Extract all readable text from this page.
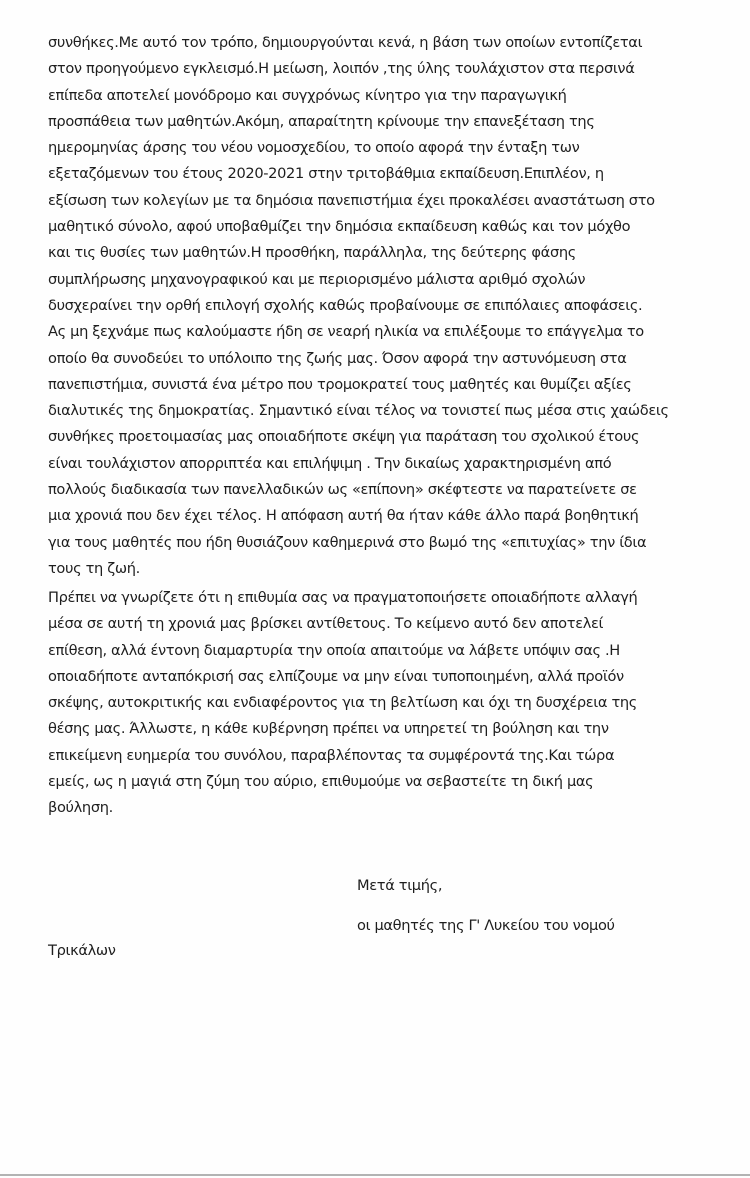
συνθήκες.Με αυτό τον τρόπο, δημιουργούνται κενά, η βάση των οποίων εντοπίζεται
στον προηγούμενο εγκλεισμό.Η μείωση, λοιπόν ,της ύλης τουλάχιστον στα περσινά
επίπεδα αποτελεί μονόδρομο και συγχρόνως κίνητρο για την παραγωγική
προσπάθεια των μαθητών.Ακόμη, απαραίτητη κρίνουμε την επανεξέταση της
ημερομηνίας άρσης του νέου νομοσχεδίου, το οποίο αφορά την ένταξη των
εξεταζόμενων του έτους 2020-2021 στην τριτοβάθμια εκπαίδευση.Επιπλέον, η
εξίσωση των κολεγίων με τα δημόσια πανεπιστήμια έχει προκαλέσει αναστάτωση στο
μαθητικό σύνολο, αφού υποβαθμίζει την δημόσια εκπαίδευση καθώς και τον μόχθο
και τις θυσίες των μαθητών.Η προσθήκη, παράλληλα, της δεύτερης φάσης
συμπλήρωσης μηχανογραφικού και με περιορισμένο μάλιστα αριθμό σχολών
δυσχεραίνει την ορθή επιλογή σχολής καθώς προβαίνουμε σε επιπόλαιες αποφάσεις.
Ας μη ξεχνάμε πως καλούμαστε ήδη σε νεαρή ηλικία να επιλέξουμε το επάγγελμα το
οποίο θα συνοδεύει το υπόλοιπο της ζωής μας. Όσον αφορά την αστυνόμευση στα
πανεπιστήμια, συνιστά ένα μέτρο που τρομοκρατεί τους μαθητές και θυμίζει αξίες
διαλυτικές της δημοκρατίας. Σημαντικό είναι τέλος να τονιστεί πως μέσα στις χαώδεις
συνθήκες προετοιμασίας μας οποιαδήποτε σκέψη για παράταση του σχολικού έτους
είναι τουλάχιστον απορριπτέα και επιλήψιμη . Την δικαίως χαρακτηρισμένη από
πολλούς διαδικασία των πανελλαδικών ως «επίπονη» σκέφτεστε να παρατείνετε σε
μια χρονιά που δεν έχει τέλος. Η απόφαση αυτή θα ήταν κάθε άλλο παρά βοηθητική
για τους μαθητές που ήδη θυσιάζουν καθημερινά στο βωμό της «επιτυχίας» την ίδια
τους τη ζωή.
Πρέπει να γνωρίζετε ότι η επιθυμία σας να πραγματοποιήσετε οποιαδήποτε αλλαγή
μέσα σε αυτή τη χρονιά μας βρίσκει αντίθετους. Το κείμενο αυτό δεν αποτελεί
επίθεση, αλλά έντονη διαμαρτυρία την οποία απαιτούμε να λάβετε υπόψιν σας .Η
οποιαδήποτε ανταπόκρισή σας ελπίζουμε να μην είναι τυποποιημένη, αλλά προϊόν
σκέψης, αυτοκριτικής και ενδιαφέροντος για τη βελτίωση και όχι τη δυσχέρεια της
θέσης μας. Άλλωστε, η κάθε κυβέρνηση πρέπει να υπηρετεί τη βούληση και την
επικείμενη ευημερία του συνόλου, παραβλέποντας τα συμφέροντά της.Και τώρα
εμείς, ως η μαγιά στη ζύμη του αύριο, επιθυμούμε να σεβαστείτε τη δική μας
βούληση.
Μετά τιμής,
οι μαθητές της Γ' Λυκείου του νομού
Τρικάλων
